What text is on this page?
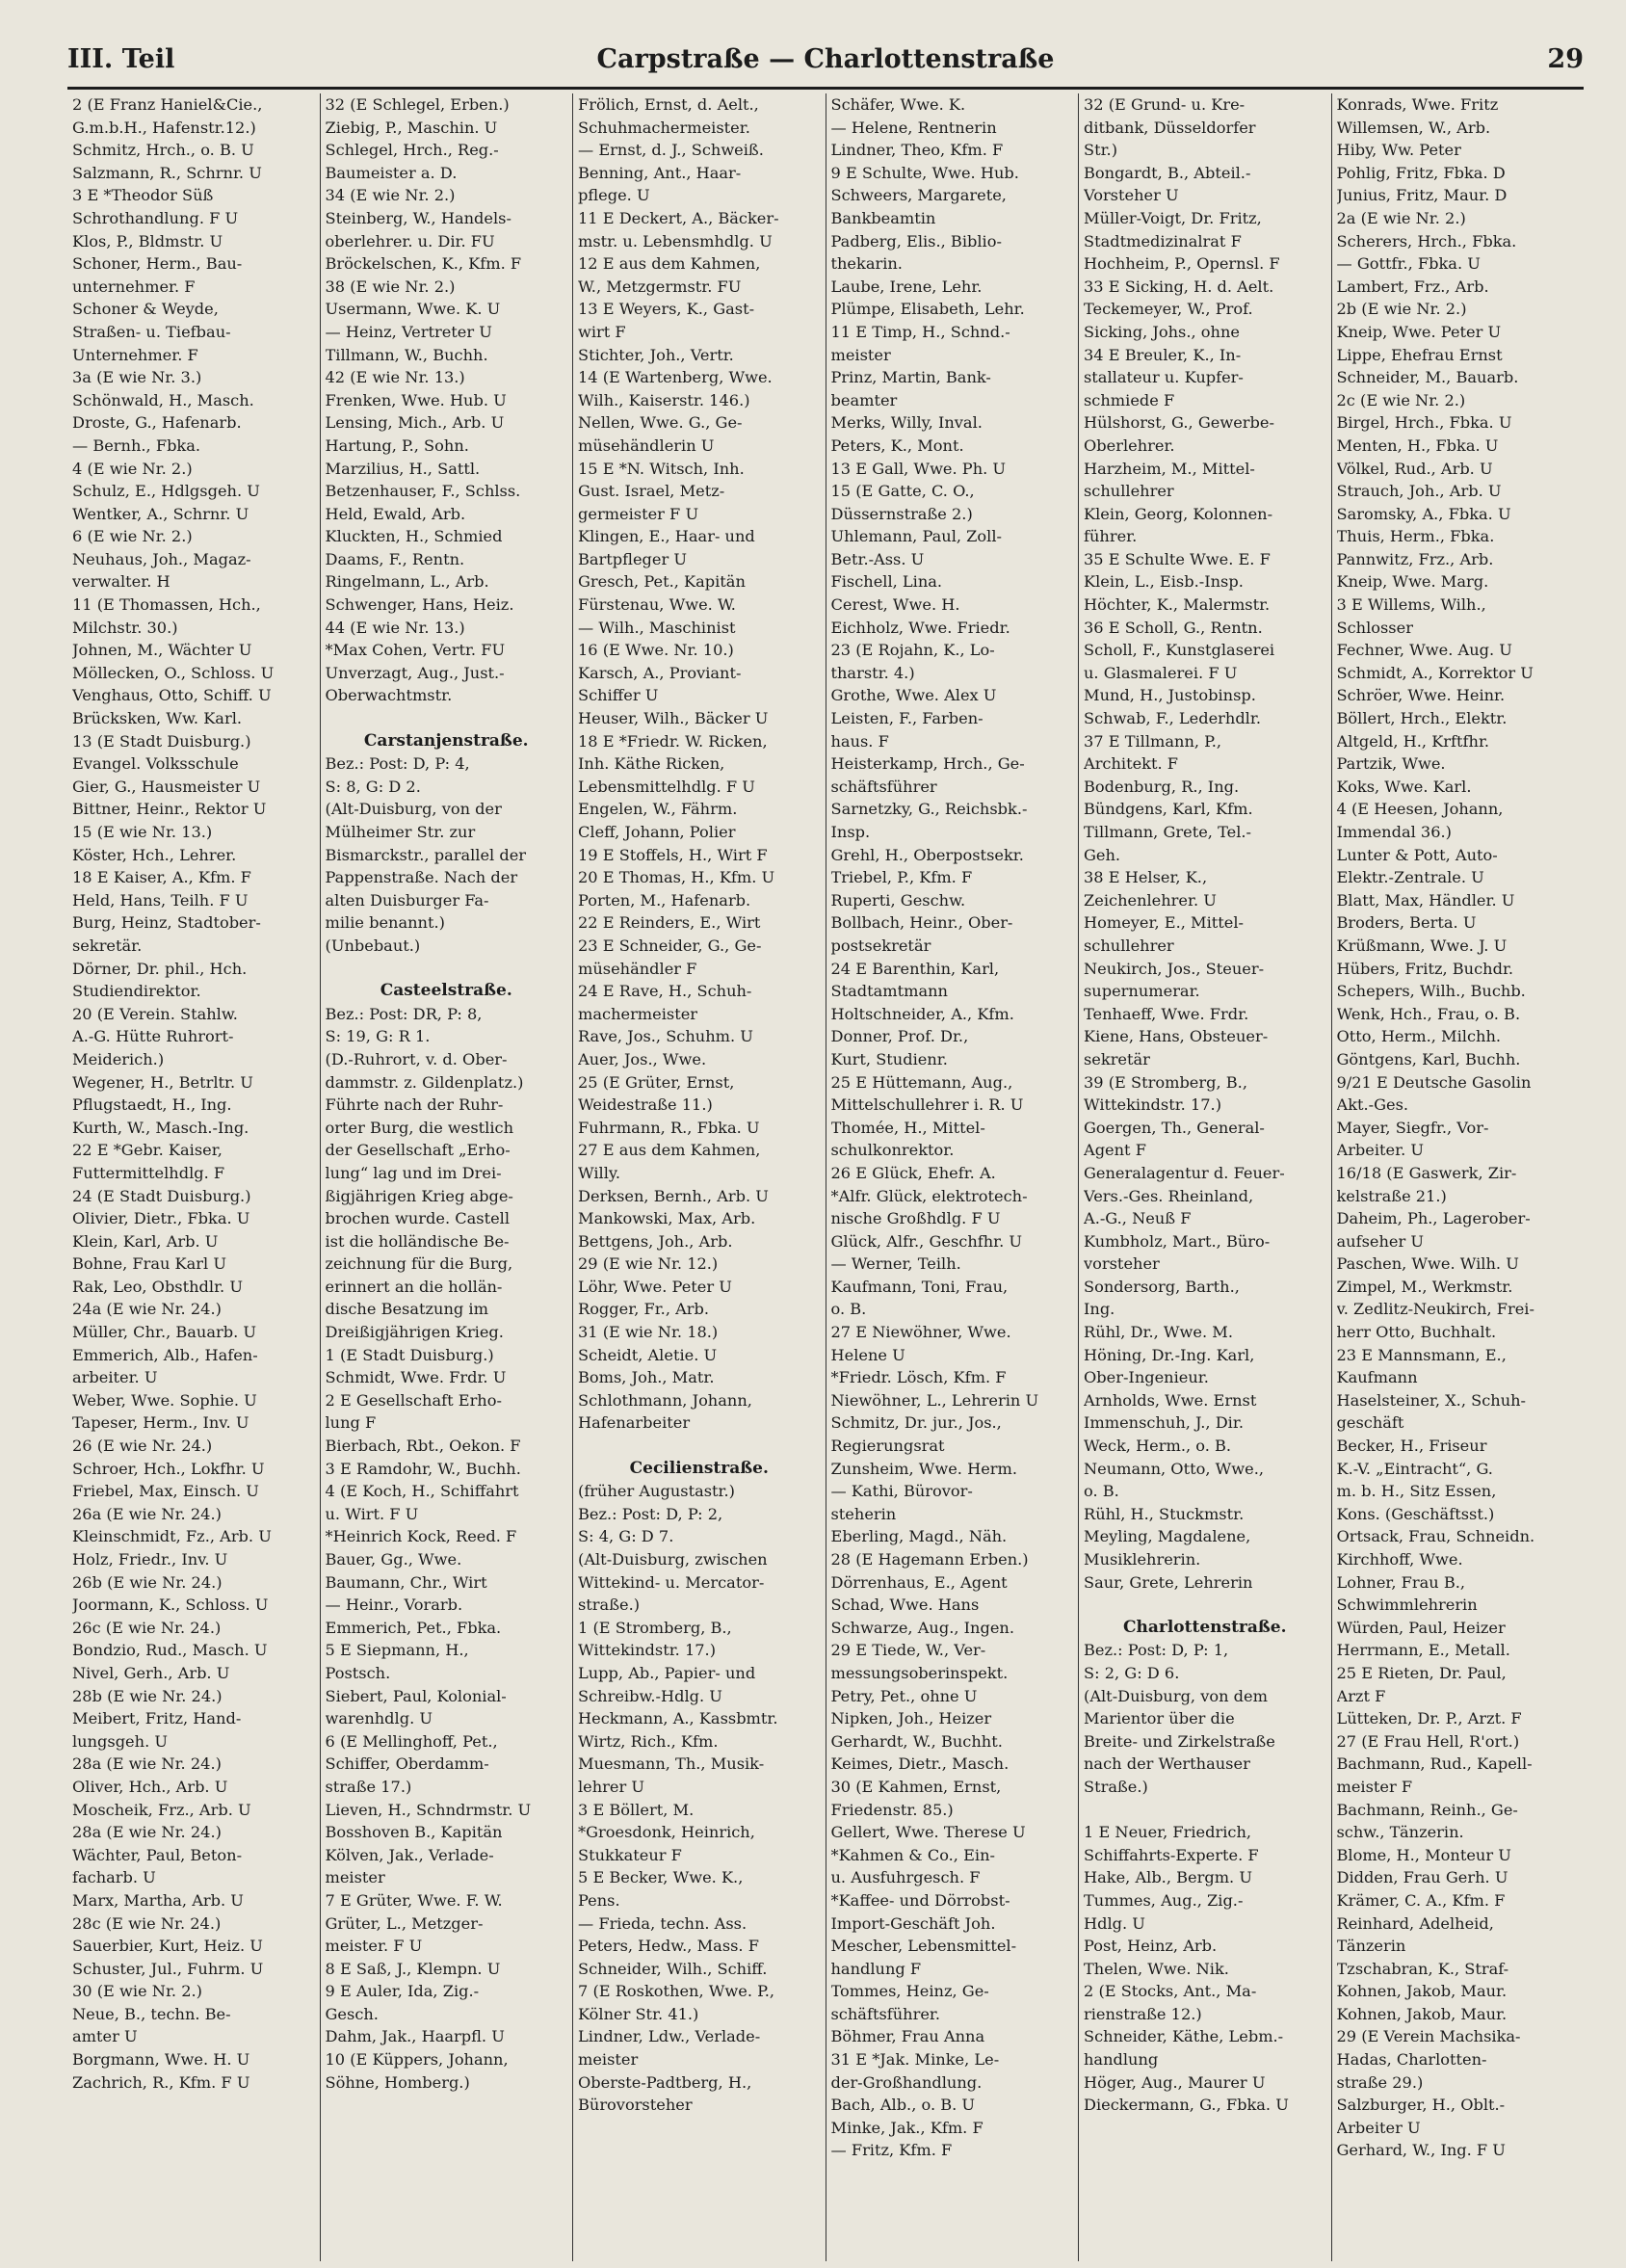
III. Teil	Carpstraße — Charlottenstraße	29
2 (E Franz Haniel&Cie.,
G.m.b.H., Hafenstr.12.)
Schmitz, Hrch., o. B. U
Salzmann, R., Schrnr. U
3 E *Theodor Süß
Schrothandlung. F U
Klos, P., Bldmstr. U
Schoner, Herm., Bau-
unternehmer. F
Schoner & Weyde,
Straßen- u. Tiefbau-
Unternehmer. F
3a (E wie Nr. 3.)
Schönwald, H., Masch.
Droste, G., Hafenarb.
— Bernh., Fbka.
4 (E wie Nr. 2.)
Schulz, E., Hdlgsgeh. U
Wentker, A., Schrnr. U
6 (E wie Nr. 2.)
Neuhaus, Joh., Magaz-
verwalter. H
11 (E Thomassen, Hch.,
Milchstr. 30.)
Johnen, M., Wächter U
Möllecken, O., Schloss. U
Venghaus, Otto, Schiff. U
Brücksken, Ww. Karl.
13 (E Stadt Duisburg.)
Evangel. Volksschule
Gier, G., Hausmeister U
Bittner, Heinr., Rektor U
15 (E wie Nr. 13.)
Köster, Hch., Lehrer.
18 E Kaiser, A., Kfm. F
Held, Hans, Teilh. F U
Burg, Heinz, Stadtober-
sekretär.
Dörner, Dr. phil., Hch.
Studiendirektor.
20 (E Verein. Stahlw.
A.-G. Hütte Ruhrort-
Meiderich.)
Wegener, H., Betrltr. U
Pflugstaedt, H., Ing.
Kurth, W., Masch.-Ing.
22 E *Gebr. Kaiser,
Futtermittelhdlg. F
24 (E Stadt Duisburg.)
Olivier, Dietr., Fbka. U
Klein, Karl, Arb. U
Bohne, Frau Karl U
Rak, Leo, Obsthdlr. U
24a (E wie Nr. 24.)
Müller, Chr., Bauarb. U
Emmerich, Alb., Hafen-
arbeiter. U
Weber, Wwe. Sophie. U
Tapeser, Herm., Inv. U
26 (E wie Nr. 24.)
Schroer, Hch., Lokfhr. U
Friebel, Max, Einsch. U
26a (E wie Nr. 24.)
Kleinschmidt, Fz., Arb. U
Holz, Friedr., Inv. U
26b (E wie Nr. 24.)
Joormann, K., Schloss. U
26c (E wie Nr. 24.)
Bondzio, Rud., Masch. U
Nivel, Gerh., Arb. U
28b (E wie Nr. 24.)
Meibert, Fritz, Hand-
lungsgeh. U
28a (E wie Nr. 24.)
Oliver, Hch., Arb. U
Moscheik, Frz., Arb. U
28a (E wie Nr. 24.)
Wächter, Paul, Beton-
facharb. U
Marx, Martha, Arb. U
28c (E wie Nr. 24.)
Sauerbier, Kurt, Heiz. U
Schuster, Jul., Fuhrm. U
30 (E wie Nr. 2.)
Neue, B., techn. Be-
amter U
Borgmann, Wwe. H. U
Zachrich, R., Kfm. F U
32 (E Schlegel, Erben.)
Ziebig, P., Maschin. U
Schlegel, Hrch., Reg.-
Baumeister a. D.
34 (E wie Nr. 2.)
Steinberg, W., Handels-
oberlehrer. u. Dir. FU
Bröckelschen, K., Kfm. F
38 (E wie Nr. 2.)
Usermann, Wwe. K. U
— Heinz, Vertreter U
Tillmann, W., Buchh.
42 (E wie Nr. 13.)
Frenken, Wwe. Hub. U
Lensing, Mich., Arb. U
Hartung, P., Sohn.
Marzilius, H., Sattl.
Betzenhauser, F., Schlss.
Held, Ewald, Arb.
Kluckten, H., Schmied
Daams, F., Rentn.
Ringelmann, L., Arb.
Schwenger, Hans, Heiz.
44 (E wie Nr. 13.)
*Max Cohen, Vertr. FU
Unverzagt, Aug., Just.-
Oberwachtmstr.
Carstanjenstraße.
Bez.: Post: D, P: 4,
S: 8, G: D 2.
(Alt-Duisburg, von der
Mülheimer Str. zur
Bismarckstr., parallel der
Pappenstraße. Nach der
alten Duisburger Fa-
milie benannt.)
(Unbebaut.)
Casteelstraße.
Bez.: Post: DR, P: 8,
S: 19, G: R 1.
(D.-Ruhrort, v. d. Ober-
dammstr. z. Gildenplatz.)
Führte nach der Ruhr-
orter Burg, die westlich
der Gesellschaft „Erho-
lung“ lag und im Drei-
ßigjährigen Krieg abge-
brochen wurde. Castell
ist die holländische Be-
zeichnung für die Burg,
erinnert an die hollän-
dische Besatzung im
Dreißigjährigen Krieg.
1 (E Stadt Duisburg.)
Schmidt, Wwe. Frdr. U
2 E Gesellschaft Erho-
lung F
Bierbach, Rbt., Oekon. F
3 E Ramdohr, W., Buchh.
4 (E Koch, H., Schiffahrt
u. Wirt. F U
*Heinrich Kock, Reed. F
Bauer, Gg., Wwe.
Baumann, Chr., Wirt
— Heinr., Vorarb.
Emmerich, Pet., Fbka.
5 E Siepmann, H.,
Postsch.
Siebert, Paul, Kolonial-
warenhdlg. U
6 (E Mellinghoff, Pet.,
Schiffer, Oberdamm-
straße 17.)
Lieven, H., Schndrmstr. U
Bosshoven B., Kapitän
Kölven, Jak., Verlade-
meister
7 E Grüter, Wwe. F. W.
Grüter, L., Metzger-
meister. F U
8 E Saß, J., Klempn. U
9 E Auler, Ida, Zig.-
Gesch.
Dahm, Jak., Haarpfl. U
10 (E Küppers, Johann,
Söhne, Homberg.)
Frölich, Ernst, d. Aelt.,
Schuhmachermeister.
— Ernst, d. J., Schweiß.
Benning, Ant., Haar-
pflege. U
11 E Deckert, A., Bäcker-
mstr. u. Lebensmhdlg. U
12 E aus dem Kahmen,
W., Metzgermstr. FU
13 E Weyers, K., Gast-
wirt F
Stichter, Joh., Vertr.
14 (E Wartenberg, Wwe.
Wilh., Kaiserstr. 146.)
Nellen, Wwe. G., Ge-
müsehändlerin U
15 E *N. Witsch, Inh.
Gust. Israel, Metz-
germeister F U
Klingen, E., Haar- und
Bartpfleger U
Gresch, Pet., Kapitän
Fürstenau, Wwe. W.
— Wilh., Maschinist
16 (E Wwe. Nr. 10.)
Karsch, A., Proviant-
Schiffer U
Heuser, Wilh., Bäcker U
18 E *Friedr. W. Ricken,
Inh. Käthe Ricken,
Lebensmittelhdlg. F U
Engelen, W., Fährm.
Cleff, Johann, Polier
19 E Stoffels, H., Wirt F
20 E Thomas, H., Kfm. U
Porten, M., Hafenarb.
22 E Reinders, E., Wirt
23 E Schneider, G., Ge-
müsehändler F
24 E Rave, H., Schuh-
machermeister
Rave, Jos., Schuhm. U
Auer, Jos., Wwe.
25 (E Grüter, Ernst,
Weidestraße 11.)
Fuhrmann, R., Fbka. U
27 E aus dem Kahmen,
Willy.
Derksen, Bernh., Arb. U
Mankowski, Max, Arb.
Bettgens, Joh., Arb.
29 (E wie Nr. 12.)
Löhr, Wwe. Peter U
Rogger, Fr., Arb.
31 (E wie Nr. 18.)
Scheidt, Aletie. U
Boms, Joh., Matr.
Schlothmann, Johann,
Hafenarbeiter
Cecilienstraße.
(früher Augustastr.)
Bez.: Post: D, P: 2,
S: 4, G: D 7.
(Alt-Duisburg, zwischen
Wittekind- u. Mercator-
straße.)
1 (E Stromberg, B.,
Wittekindstr. 17.)
Lupp, Ab., Papier- und
Schreibw.-Hdlg. U
Heckmann, A., Kassbmtr.
Wirtz, Rich., Kfm.
Muesmann, Th., Musik-
lehrer U
3 E Böllert, M.
*Groesdonk, Heinrich,
Stukkateur F
5 E Becker, Wwe. K.,
Pens.
— Frieda, techn. Ass.
Peters, Hedw., Mass. F
Schneider, Wilh., Schiff.
7 (E Roskothen, Wwe. P.,
Kölner Str. 41.)
Lindner, Ldw., Verlade-
meister
Oberste-Padtberg, H.,
Bürovorsteher
Schäfer, Wwe. K.
— Helene, Rentnerin
Lindner, Theo, Kfm. F
9 E Schulte, Wwe. Hub.
Schweers, Margarete,
Bankbeamtin
Padberg, Elis., Biblio-
thekarin.
Laube, Irene, Lehr.
Plümpe, Elisabeth, Lehr.
11 E Timp, H., Schnd.-
meister
Prinz, Martin, Bank-
beamter
Merks, Willy, Inval.
Peters, K., Mont.
13 E Gall, Wwe. Ph. U
15 (E Gatte, C. O.,
Düssernstraße 2.)
Uhlemann, Paul, Zoll-
Betr.-Ass. U
Fischell, Lina.
Cerest, Wwe. H.
Eichholz, Wwe. Friedr.
23 (E Rojahn, K., Lo-
tharstr. 4.)
Grothe, Wwe. Alex U
Leisten, F., Farben-
haus. F
Heisterkamp, Hrch., Ge-
schäftsführer
Sarnetzky, G., Reichsbk.-
Insp.
Grehl, H., Oberpostsekr.
Triebel, P., Kfm. F
Ruperti, Geschw.
Bollbach, Heinr., Ober-
postsekretär
24 E Barenthin, Karl,
Stadtamtmann
Holtschneider, A., Kfm.
Donner, Prof. Dr.,
Kurt, Studienr.
25 E Hüttemann, Aug.,
Mittelschullehrer i. R. U
Thomée, H., Mittel-
schulkonrektor.
26 E Glück, Ehefr. A.
*Alfr. Glück, elektrotech-
nische Großhdlg. F U
Glück, Alfr., Geschfhr. U
— Werner, Teilh.
Kaufmann, Toni, Frau,
o. B.
27 E Niewöhner, Wwe.
Helene U
*Friedr. Lösch, Kfm. F
Niewöhner, L., Lehrerin U
Schmitz, Dr. jur., Jos.,
Regierungsrat
Zunsheim, Wwe. Herm.
— Kathi, Bürovor-
steherin
Eberling, Magd., Näh.
28 (E Hagemann Erben.)
Dörrenhaus, E., Agent
Schad, Wwe. Hans
Schwarze, Aug., Ingen.
29 E Tiede, W., Ver-
messungsoberinspekt.
Petry, Pet., ohne U
Nipken, Joh., Heizer
Gerhardt, W., Buchht.
Keimes, Dietr., Masch.
30 (E Kahmen, Ernst,
Friedenstr. 85.)
Gellert, Wwe. Therese U
*Kahmen & Co., Ein-
u. Ausfuhrgesch. F
*Kaffee- und Dörrobst-
Import-Geschäft Joh.
Mescher, Lebensmittel-
handlung F
Tommes, Heinz, Ge-
schäftsführer.
Böhmer, Frau Anna
31 E *Jak. Minke, Le-
der-Großhandlung.
Bach, Alb., o. B. U
Minke, Jak., Kfm. F
— Fritz, Kfm. F
32 (E Grund- u. Kre-
ditbank, Düsseldorfer
Str.)
Bongardt, B., Abteil.-
Vorsteher U
Müller-Voigt, Dr. Fritz,
Stadtmedizinalrat F
Hochheim, P., Opernsl. F
33 E Sicking, H. d. Aelt.
Teckemeyer, W., Prof.
Sicking, Johs., ohne
34 E Breuler, K., In-
stallateur u. Kupfer-
schmiede F
Hülshorst, G., Gewerbe-
Oberlehrer.
Harzheim, M., Mittel-
schullehrer
Klein, Georg, Kolonnen-
führer.
35 E Schulte Wwe. E. F
Klein, L., Eisb.-Insp.
Höchter, K., Malermstr.
36 E Scholl, G., Rentn.
Scholl, F., Kunstglaserei
u. Glasmalerei. F U
Mund, H., Justobinsp.
Schwab, F., Lederhdlr.
37 E Tillmann, P.,
Architekt. F
Bodenburg, R., Ing.
Bündgens, Karl, Kfm.
Tillmann, Grete, Tel.-
Geh.
38 E Helser, K.,
Zeichenlehrer. U
Homeyer, E., Mittel-
schullehrer
Neukirch, Jos., Steuer-
supernumerar.
Tenhaeff, Wwe. Frdr.
Kiene, Hans, Obsteuer-
sekretär
39 (E Stromberg, B.,
Wittekindstr. 17.)
Goergen, Th., General-
Agent F
Generalagentur d. Feuer-
Vers.-Ges. Rheinland,
A.-G., Neuß F
Kumbholz, Mart., Büro-
vorsteher
Sondersorg, Barth.,
Ing.
Rühl, Dr., Wwe. M.
Höning, Dr.-Ing. Karl,
Ober-Ingenieur.
Arnholds, Wwe. Ernst
Immenschuh, J., Dir.
Weck, Herm., o. B.
Neumann, Otto, Wwe.,
o. B.
Rühl, H., Stuckmstr.
Meyling, Magdalene,
Musiklehrerin.
Saur, Grete, Lehrerin
Charlottenstraße.
Bez.: Post: D, P: 1,
S: 2, G: D 6.
(Alt-Duisburg, von dem
Marientor über die
Breite- und Zirkelstraße
nach der Werthauser
Straße.)
1 E Neuer, Friedrich,
Schiffahrts-Experte. F
Hake, Alb., Bergm. U
Tummes, Aug., Zig.-
Hdlg. U
Post, Heinz, Arb.
Thelen, Wwe. Nik.
2 (E Stocks, Ant., Ma-
rienstraße 12.)
Schneider, Käthe, Lebm.-
handlung
Höger, Aug., Maurer U
Dieckermann, G., Fbka. U
Konrads, Wwe. Fritz
Willemsen, W., Arb.
Hiby, Ww. Peter
Pohlig, Fritz, Fbka. D
Junius, Fritz, Maur. D
2a (E wie Nr. 2.)
Scherers, Hrch., Fbka.
— Gottfr., Fbka. U
Lambert, Frz., Arb.
2b (E wie Nr. 2.)
Kneip, Wwe. Peter U
Lippe, Ehefrau Ernst
Schneider, M., Bauarb.
2c (E wie Nr. 2.)
Birgel, Hrch., Fbka. U
Menten, H., Fbka. U
Völkel, Rud., Arb. U
Strauch, Joh., Arb. U
Saromsky, A., Fbka. U
Thuis, Herm., Fbka.
Pannwitz, Frz., Arb.
Kneip, Wwe. Marg.
3 E Willems, Wilh.,
Schlosser
Fechner, Wwe. Aug. U
Schmidt, A., Korrektor U
Schröer, Wwe. Heinr.
Böllert, Hrch., Elektr.
Altgeld, H., Krftfhr.
Partzik, Wwe.
Koks, Wwe. Karl.
4 (E Heesen, Johann,
Immendal 36.)
Lunter & Pott, Auto-
Elektr.-Zentrale. U
Blatt, Max, Händler. U
Broders, Berta. U
Krüßmann, Wwe. J. U
Hübers, Fritz, Buchdr.
Schepers, Wilh., Buchb.
Wenk, Hch., Frau, o. B.
Otto, Herm., Milchh.
Göntgens, Karl, Buchh.
9/21 E Deutsche Gasolin
Akt.-Ges.
Mayer, Siegfr., Vor-
Arbeiter. U
16/18 (E Gaswerk, Zir-
kelstraße 21.)
Daheim, Ph., Lagerober-
aufseher U
Paschen, Wwe. Wilh. U
Zimpel, M., Werkmstr.
v. Zedlitz-Neukirch, Frei-
herr Otto, Buchhalt.
23 E Mannsmann, E.,
Kaufmann
Haselsteiner, X., Schuh-
geschäft
Becker, H., Friseur
K.-V. „Eintracht“, G.
m. b. H., Sitz Essen,
Kons. (Geschäftsst.)
Ortsack, Frau, Schneidn.
Kirchhoff, Wwe.
Lohner, Frau B.,
Schwimmlehrerin
Würden, Paul, Heizer
Herrmann, E., Metall.
25 E Rieten, Dr. Paul,
Arzt F
Lütteken, Dr. P., Arzt. F
27 (E Frau Hell, R'ort.)
Bachmann, Rud., Kapell-
meister F
Bachmann, Reinh., Ge-
schw., Tänzerin.
Blome, H., Monteur U
Didden, Frau Gerh. U
Krämer, C. A., Kfm. F
Reinhard, Adelheid,
Tänzerin
Tzschabran, K., Straf-
Kohnen, Jakob, Maur.
Kohnen, Jakob, Maur.
29 (E Verein Machsika-
Hadas, Charlotten-
straße 29.)
Salzburger, H., Oblt.-
Arbeiter U
Gerhard, W., Ing. F U
